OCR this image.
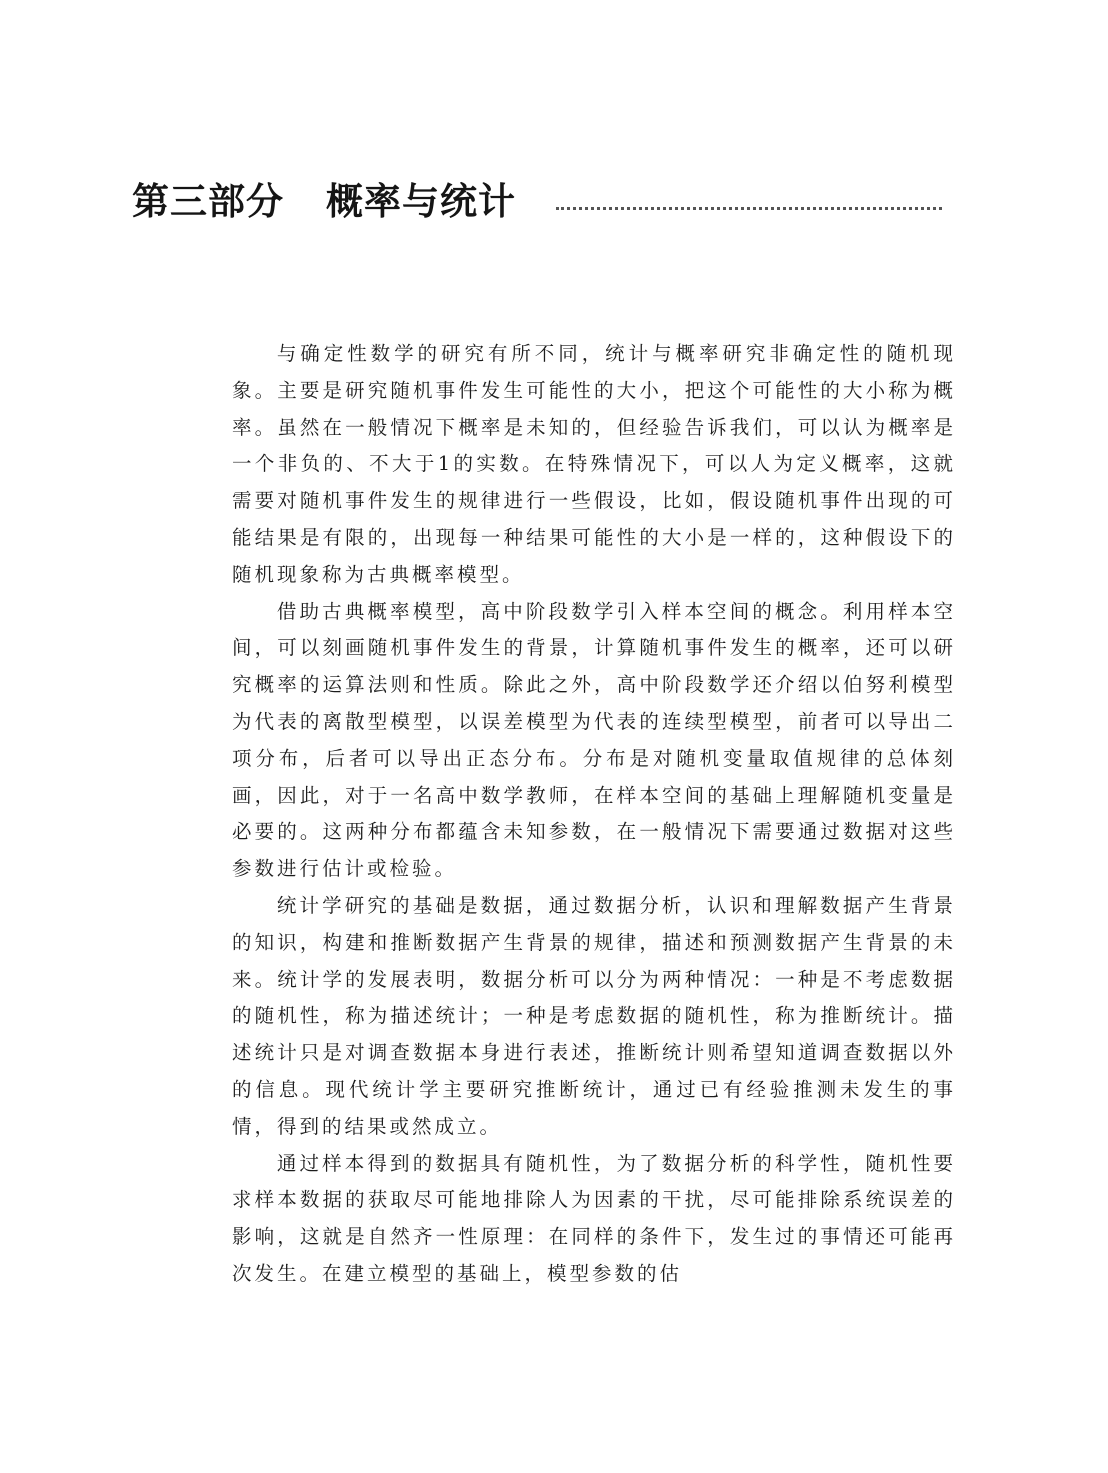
第三部分 概率与统计

与确定性数学的研究有所不同，统计与概率研究非确定性的随机现象。主要是研究随机事件发生可能性的大小，把这个可能性的大小称为概率。虽然在一般情况下概率是未知的，但经验告诉我们，可以认为概率是一个非负的、不大于1的实数。在特殊情况下，可以人为定义概率，这就需要对随机事件发生的规律进行一些假设，比如，假设随机事件出现的可能结果是有限的，出现每一种结果可能性的大小是一样的，这种假设下的随机现象称为古典概率模型。

借助古典概率模型，高中阶段数学引入样本空间的概念。利用样本空间，可以刻画随机事件发生的背景，计算随机事件发生的概率，还可以研究概率的运算法则和性质。除此之外，高中阶段数学还介绍以伯努利模型为代表的离散型模型，以误差模型为代表的连续型模型，前者可以导出二项分布，后者可以导出正态分布。分布是对随机变量取值规律的总体刻画，因此，对于一名高中数学教师，在样本空间的基础上理解随机变量是必要的。这两种分布都蕴含未知参数，在一般情况下需要通过数据对这些参数进行估计或检验。

统计学研究的基础是数据，通过数据分析，认识和理解数据产生背景的知识，构建和推断数据产生背景的规律，描述和预测数据产生背景的未来。统计学的发展表明，数据分析可以分为两种情况：一种是不考虑数据的随机性，称为描述统计；一种是考虑数据的随机性，称为推断统计。描述统计只是对调查数据本身进行表述，推断统计则希望知道调查数据以外的信息。现代统计学主要研究推断统计，通过已有经验推测未发生的事情，得到的结果或然成立。

通过样本得到的数据具有随机性，为了数据分析的科学性，随机性要求样本数据的获取尽可能地排除人为因素的干扰，尽可能排除系统误差的影响，这就是自然齐一性原理：在同样的条件下，发生过的事情还可能再次发生。在建立模型的基础上，模型参数的估
